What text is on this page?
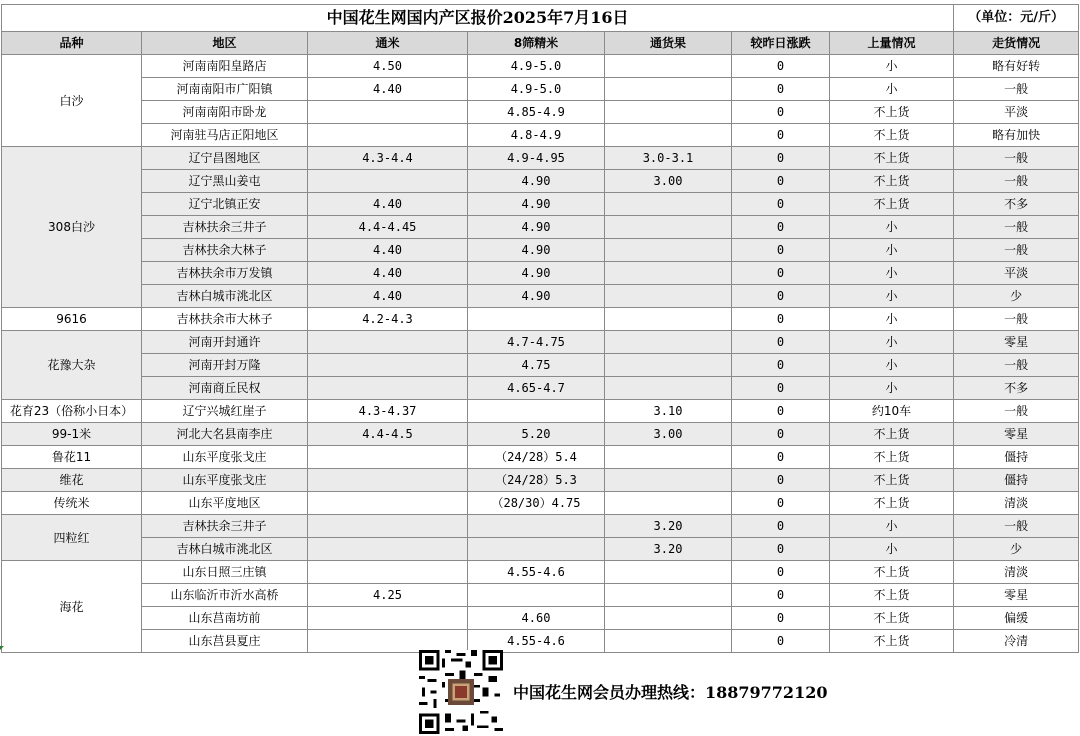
中国花生网国内产区报价2025年7月16日							（单位：元/斤）
品种	地区	通米	8筛精米	通货果	较昨日涨跌	上量情况	走货情况
白沙	河南南阳皇路店	4.50	4.9-5.0		0	小	略有好转
	河南南阳市广阳镇	4.40	4.9-5.0		0	小	一般
	河南南阳市卧龙		4.85-4.9		0	不上货	平淡
	河南驻马店正阳地区		4.8-4.9		0	不上货	略有加快
308白沙	辽宁昌图地区	4.3-4.4	4.9-4.95	3.0-3.1	0	不上货	一般
	辽宁黑山姜屯		4.90	3.00	0	不上货	一般
	辽宁北镇正安	4.40	4.90		0	不上货	不多
	吉林扶余三井子	4.4-4.45	4.90		0	小	一般
	吉林扶余大林子	4.40	4.90		0	小	一般
	吉林扶余市万发镇	4.40	4.90		0	小	平淡
	吉林白城市洮北区	4.40	4.90		0	小	少
9616	吉林扶余市大林子	4.2-4.3			0	小	一般
花豫大杂	河南开封通许		4.7-4.75		0	小	零星
	河南开封万隆		4.75		0	小	一般
	河南商丘民权		4.65-4.7		0	小	不多
花育23（俗称小日本）	辽宁兴城红崖子	4.3-4.37		3.10	0	约10车	一般
99-1米	河北大名县南李庄	4.4-4.5	5.20	3.00	0	不上货	零星
鲁花11	山东平度张戈庄		（24/28）5.4		0	不上货	僵持
维花	山东平度张戈庄		（24/28）5.3		0	不上货	僵持
传统米	山东平度地区		（28/30）4.75		0	不上货	清淡
四粒红	吉林扶余三井子			3.20	0	小	一般
	吉林白城市洮北区			3.20	0	小	少
海花	山东日照三庄镇		4.55-4.6		0	不上货	清淡
	山东临沂市沂水高桥	4.25			0	不上货	零星
	山东莒南坊前		4.60		0	不上货	偏缓
	山东莒县夏庄		4.55-4.6		0	不上货	冷清
中国花生网会员办理热线：18879772120
